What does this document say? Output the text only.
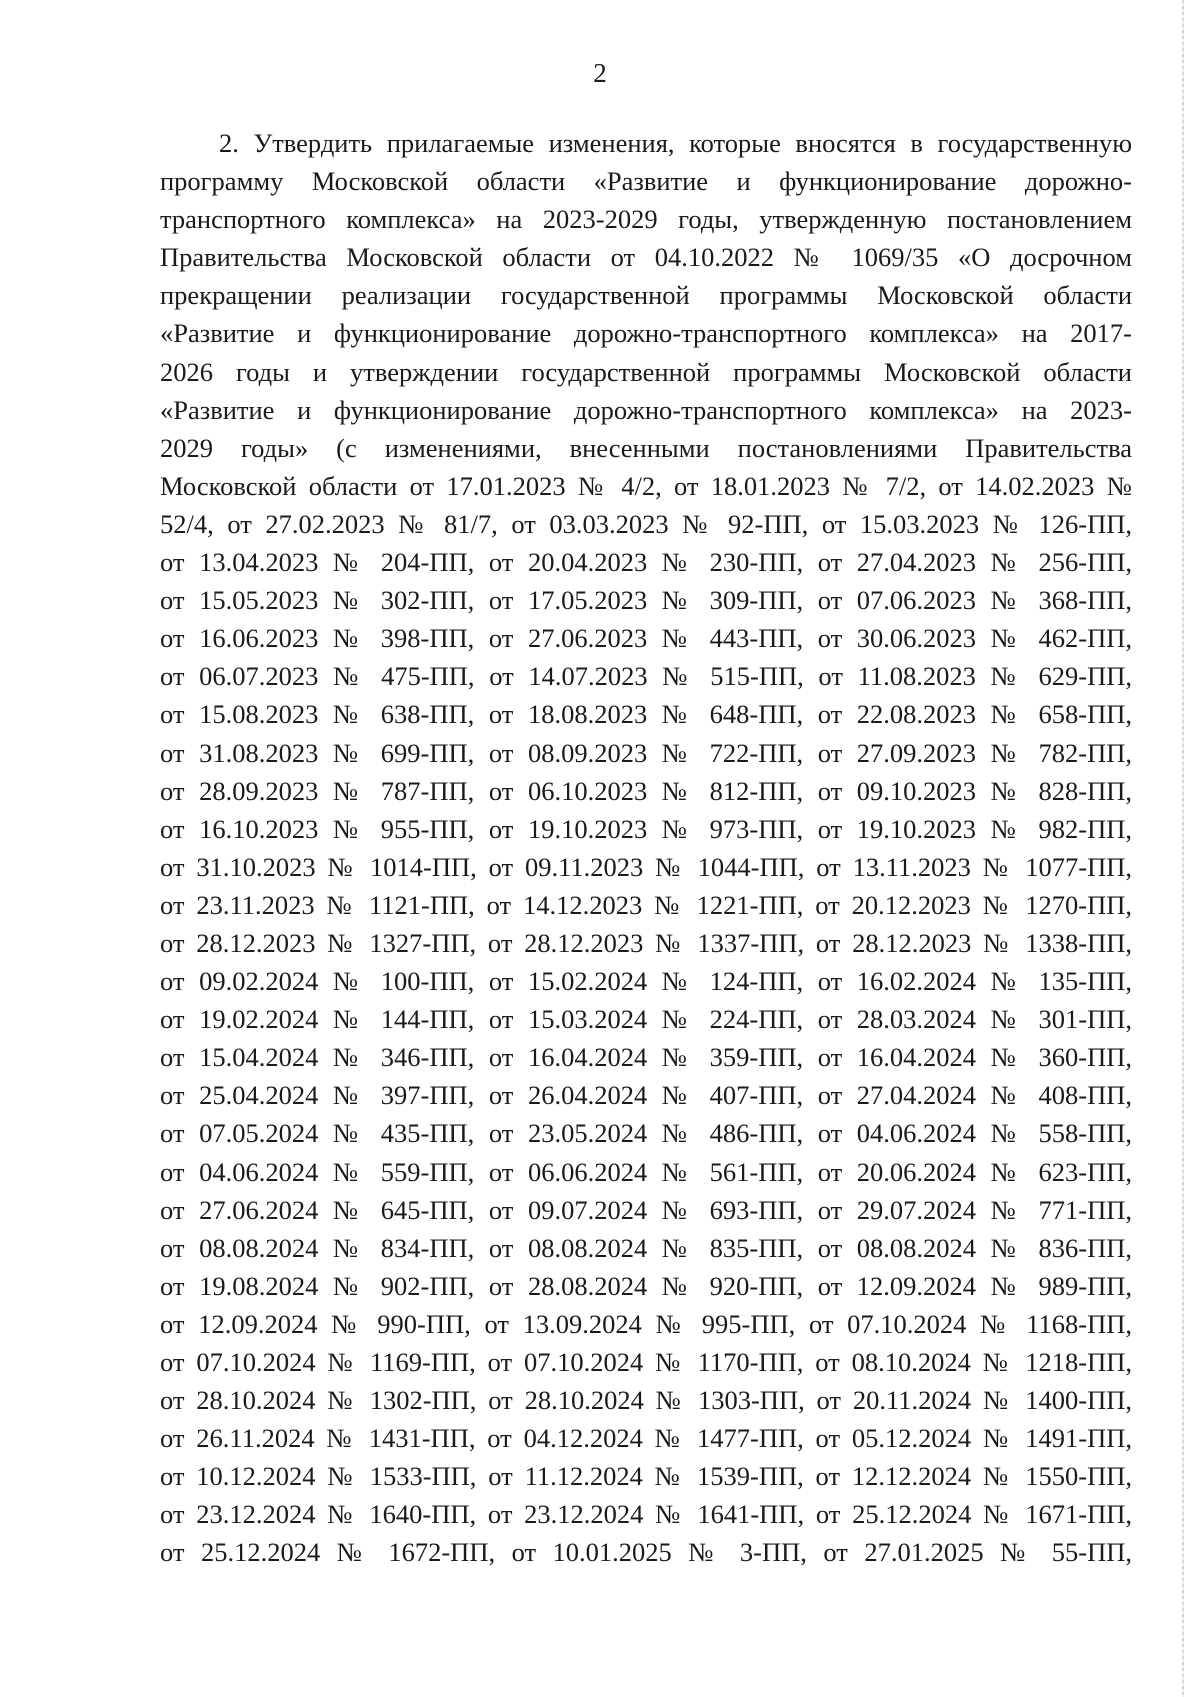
2
2. Утвердить прилагаемые изменения, которые вносятся в государственную
программу Московской области «Развитие и функционирование дорожно-
транспортного комплекса» на 2023-2029 годы, утвержденную постановлением
Правительства Московской области от 04.10.2022 № 1069/35 «О досрочном
прекращении реализации государственной программы Московской области
«Развитие и функционирование дорожно-транспортного комплекса» на 2017-
2026 годы и утверждении государственной программы Московской области
«Развитие и функционирование дорожно-транспортного комплекса» на 2023-
2029 годы» (с изменениями, внесенными постановлениями Правительства
Московской области от 17.01.2023 № 4/2, от 18.01.2023 № 7/2, от 14.02.2023 №
52/4, от 27.02.2023 № 81/7, от 03.03.2023 № 92-ПП, от 15.03.2023 № 126-ПП,
от 13.04.2023 № 204-ПП, от 20.04.2023 № 230-ПП, от 27.04.2023 № 256-ПП,
от 15.05.2023 № 302-ПП, от 17.05.2023 № 309-ПП, от 07.06.2023 № 368-ПП,
от 16.06.2023 № 398-ПП, от 27.06.2023 № 443-ПП, от 30.06.2023 № 462-ПП,
от 06.07.2023 № 475-ПП, от 14.07.2023 № 515-ПП, от 11.08.2023 № 629-ПП,
от 15.08.2023 № 638-ПП, от 18.08.2023 № 648-ПП, от 22.08.2023 № 658-ПП,
от 31.08.2023 № 699-ПП, от 08.09.2023 № 722-ПП, от 27.09.2023 № 782-ПП,
от 28.09.2023 № 787-ПП, от 06.10.2023 № 812-ПП, от 09.10.2023 № 828-ПП,
от 16.10.2023 № 955-ПП, от 19.10.2023 № 973-ПП, от 19.10.2023 № 982-ПП,
от 31.10.2023 № 1014-ПП, от 09.11.2023 № 1044-ПП, от 13.11.2023 № 1077-ПП,
от 23.11.2023 № 1121-ПП, от 14.12.2023 № 1221-ПП, от 20.12.2023 № 1270-ПП,
от 28.12.2023 № 1327-ПП, от 28.12.2023 № 1337-ПП, от 28.12.2023 № 1338-ПП,
от 09.02.2024 № 100-ПП, от 15.02.2024 № 124-ПП, от 16.02.2024 № 135-ПП,
от 19.02.2024 № 144-ПП, от 15.03.2024 № 224-ПП, от 28.03.2024 № 301-ПП,
от 15.04.2024 № 346-ПП, от 16.04.2024 № 359-ПП, от 16.04.2024 № 360-ПП,
от 25.04.2024 № 397-ПП, от 26.04.2024 № 407-ПП, от 27.04.2024 № 408-ПП,
от 07.05.2024 № 435-ПП, от 23.05.2024 № 486-ПП, от 04.06.2024 № 558-ПП,
от 04.06.2024 № 559-ПП, от 06.06.2024 № 561-ПП, от 20.06.2024 № 623-ПП,
от 27.06.2024 № 645-ПП, от 09.07.2024 № 693-ПП, от 29.07.2024 № 771-ПП,
от 08.08.2024 № 834-ПП, от 08.08.2024 № 835-ПП, от 08.08.2024 № 836-ПП,
от 19.08.2024 № 902-ПП, от 28.08.2024 № 920-ПП, от 12.09.2024 № 989-ПП,
от 12.09.2024 № 990-ПП, от 13.09.2024 № 995-ПП, от 07.10.2024 № 1168-ПП,
от 07.10.2024 № 1169-ПП, от 07.10.2024 № 1170-ПП, от 08.10.2024 № 1218-ПП,
от 28.10.2024 № 1302-ПП, от 28.10.2024 № 1303-ПП, от 20.11.2024 № 1400-ПП,
от 26.11.2024 № 1431-ПП, от 04.12.2024 № 1477-ПП, от 05.12.2024 № 1491-ПП,
от 10.12.2024 № 1533-ПП, от 11.12.2024 № 1539-ПП, от 12.12.2024 № 1550-ПП,
от 23.12.2024 № 1640-ПП, от 23.12.2024 № 1641-ПП, от 25.12.2024 № 1671-ПП,
от 25.12.2024 № 1672-ПП, от 10.01.2025 № 3-ПП, от 27.01.2025 № 55-ПП,
